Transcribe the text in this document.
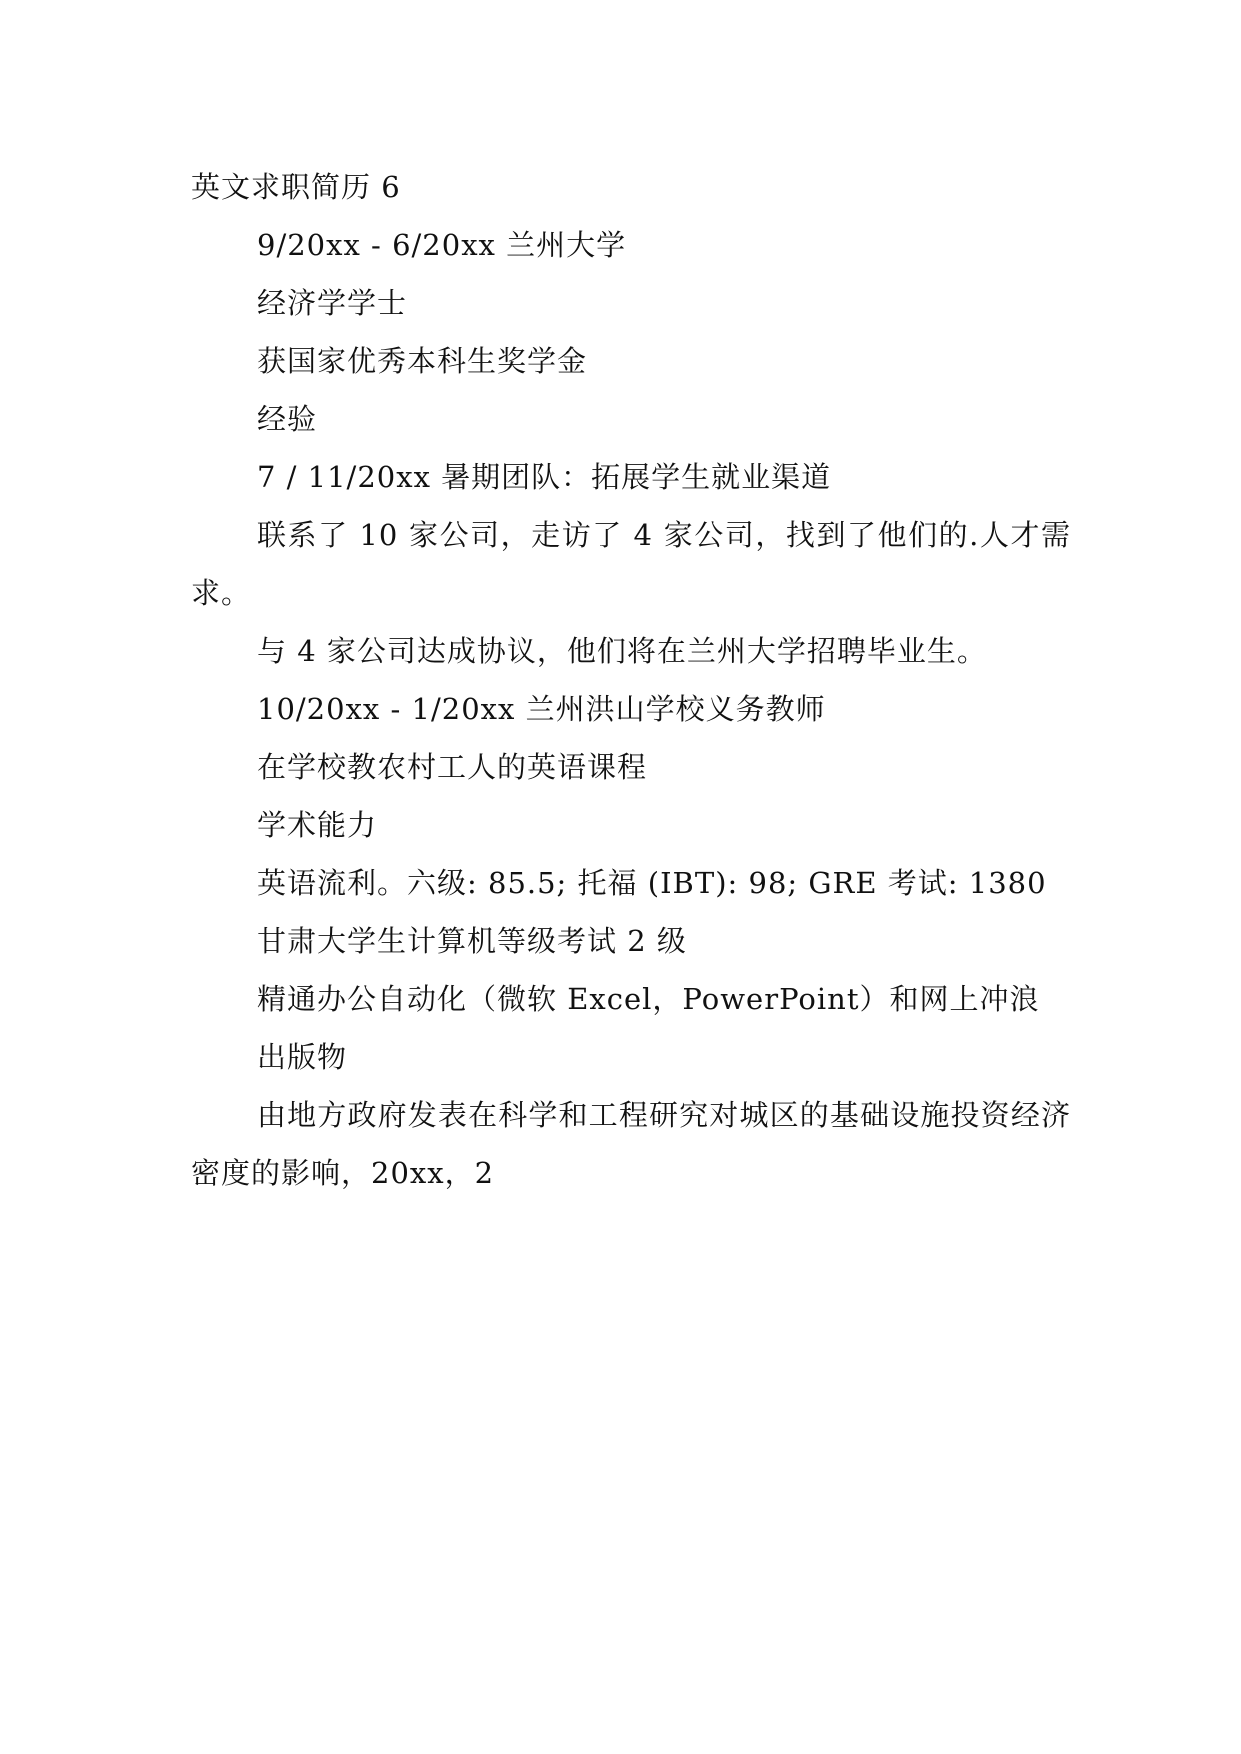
英文求职简历 6
9/20xx - 6/20xx 兰州大学
经济学学士
获国家优秀本科生奖学金
经验
7 / 11/20xx 暑期团队：拓展学生就业渠道
联系了 10 家公司，走访了 4 家公司，找到了他们的.人才需求。
与 4 家公司达成协议，他们将在兰州大学招聘毕业生。
10/20xx - 1/20xx 兰州洪山学校义务教师
在学校教农村工人的英语课程
学术能力
英语流利。六级: 85.5; 托福 (IBT): 98; GRE 考试: 1380
甘肃大学生计算机等级考试 2 级
精通办公自动化（微软 Excel，PowerPoint）和网上冲浪
出版物
由地方政府发表在科学和工程研究对城区的基础设施投资经济密度的影响，20xx，2
